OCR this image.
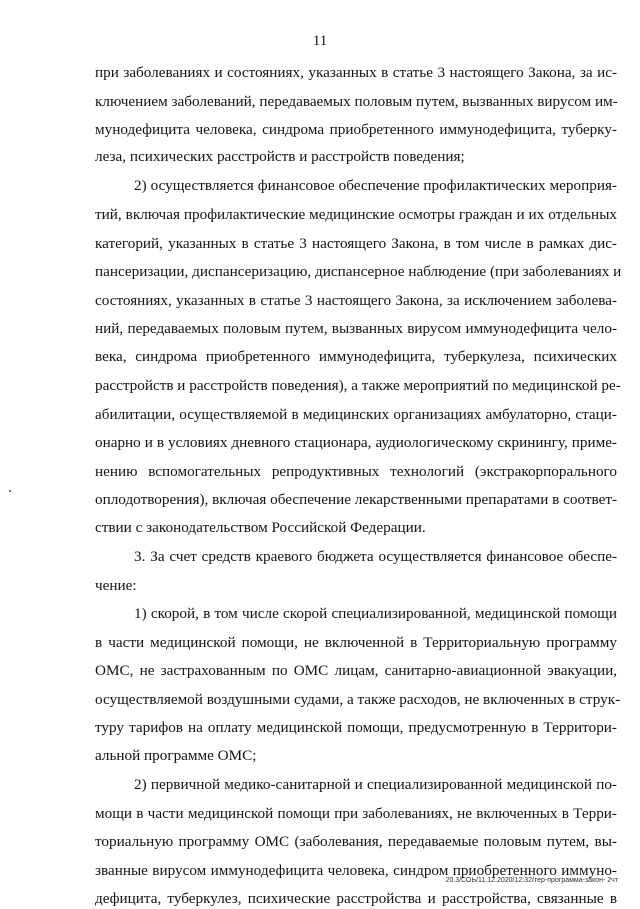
11

при заболеваниях и состояниях, указанных в статье 3 настоящего Закона, за ис-

ключением заболеваний, передаваемых половым путем, вызванных вирусом им-

мунодефицита человека, синдрома приобретенного иммунодефицита, туберку-

леза, психических расстройств и расстройств поведения;

2) осуществляется финансовое обеспечение профилактических мероприя-

тий, включая профилактические медицинские осмотры граждан и их отдельных

категорий, указанных в статье 3 настоящего Закона, в том числе в рамках дис-

пансеризации, диспансеризацию, диспансерное наблюдение (при заболеваниях и

состояниях, указанных в статье 3 настоящего Закона, за исключением заболева-

ний, передаваемых половым путем, вызванных вирусом иммунодефицита чело-

века, синдрома приобретенного иммунодефицита, туберкулеза, психических

расстройств и расстройств поведения), а также мероприятий по медицинской ре-

абилитации, осуществляемой в медицинских организациях амбулаторно, стаци-

онарно и в условиях дневного стационара, аудиологическому скринингу, приме-

нению вспомогательных репродуктивных технологий (экстракорпорального

оплодотворения), включая обеспечение лекарственными препаратами в соответ-

ствии с законодательством Российской Федерации.

3. За счет средств краевого бюджета осуществляется финансовое обеспе-

чение:

1) скорой, в том числе скорой специализированной, медицинской помощи

в части медицинской помощи, не включенной в Территориальную программу

ОМС, не застрахованным по ОМС лицам, санитарно-авиационной эвакуации,

осуществляемой воздушными судами, а также расходов, не включенных в струк-

туру тарифов на оплату медицинской помощи, предусмотренную в Территори-

альной программе ОМС;

2) первичной медико-санитарной и специализированной медицинской по-

мощи в части медицинской помощи при заболеваниях, не включенных в Терри-

ториальную программу ОМС (заболевания, передаваемые половым путем, вы-

званные вирусом иммунодефицита человека, синдром приобретенного иммуно-

дефицита, туберкулез, психические расстройства и расстройства, связанные в

20.3/СОЬ/11.12.2020/12:32/тер-программа-закон- 2чт
